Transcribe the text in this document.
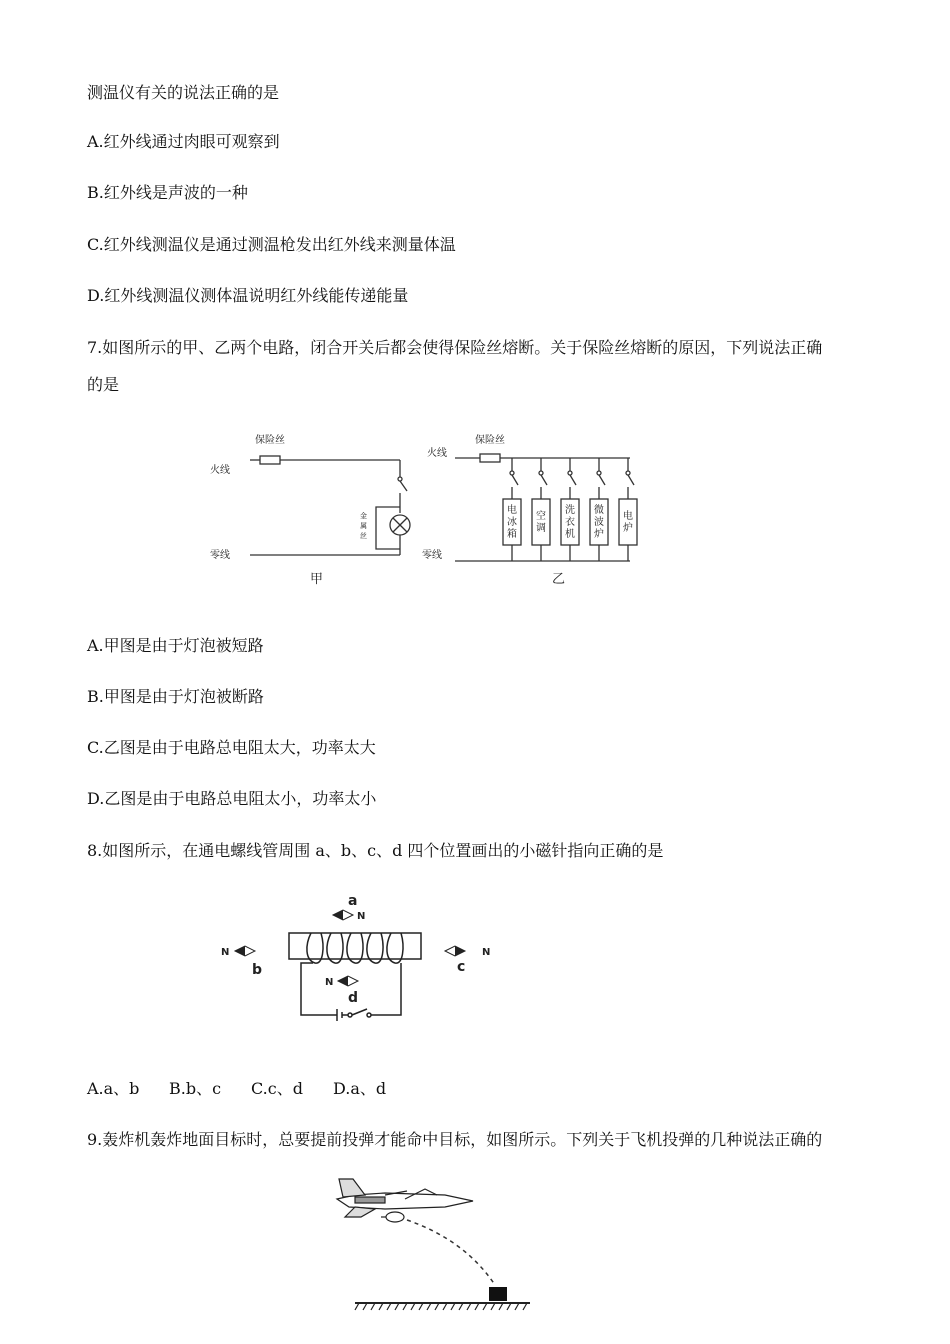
测温仪有关的说法正确的是
A.红外线通过肉眼可观察到
B.红外线是声波的一种
C.红外线测温仪是通过测温枪发出红外线来测量体温
D.红外线测温仪测体温说明红外线能传递能量
7.如图所示的甲、乙两个电路，闭合开关后都会使得保险丝熔断。关于保险丝熔断的原因，下列说法正确
的是
保险丝
火线
零线
金
属
丝
甲
保险丝
火线
零线
电
冰
箱
空
调
洗
衣
机
微
波
炉
电
炉
乙
A.甲图是由于灯泡被短路
B.甲图是由于灯泡被断路
C.乙图是由于电路总电阻太大，功率太大
D.乙图是由于电路总电阻太小，功率太小
8.如图所示，在通电螺线管周围 a、b、c、d 四个位置画出的小磁针指向正确的是
a
N
N
b
N
c
N
d
A.a、b B.b、c C.c、d D.a、d
9.轰炸机轰炸地面目标时，总要提前投弹才能命中目标，如图所示。下列关于飞机投弹的几种说法正确的
